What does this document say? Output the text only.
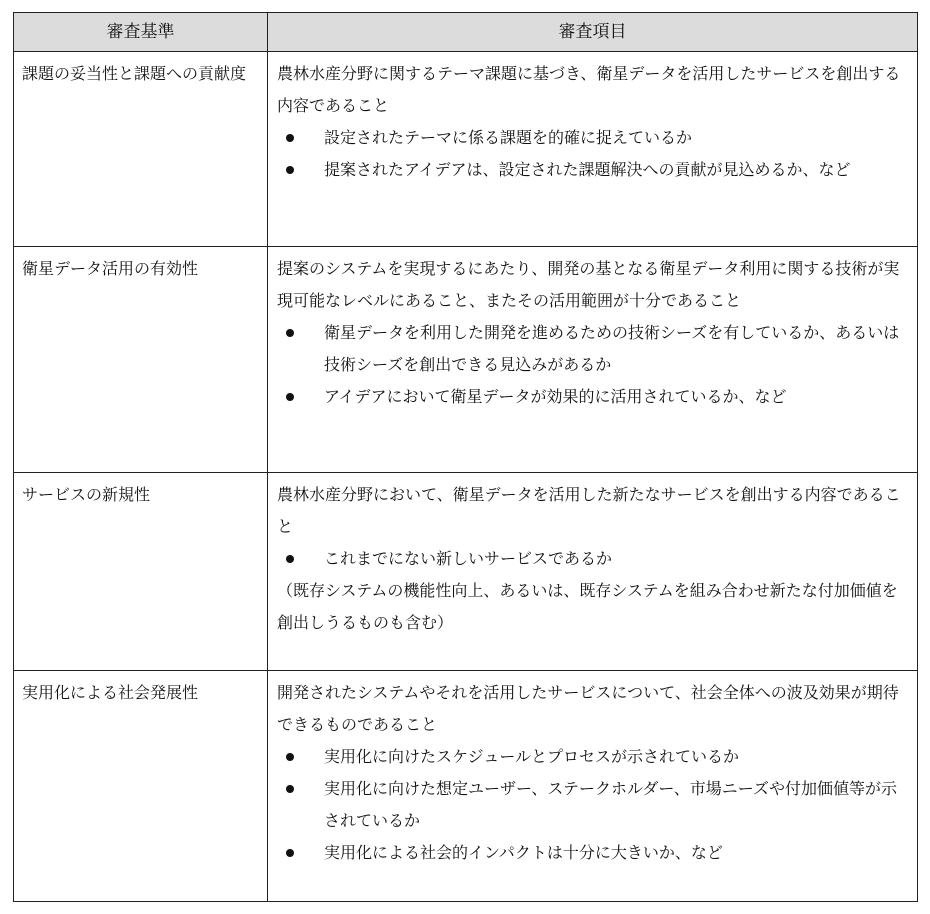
審査基準	審査項目
課題の妥当性と課題への貢献度	農林水産分野に関するテーマ課題に基づき、衛星データを活用したサービスを創出する内容であること

設定されたテーマに係る課題を的確に捉えているか

提案されたアイデアは、設定された課題解決への貢献が見込めるか、など

衛星データ活用の有効性	提案のシステムを実現するにあたり、開発の基となる衛星データ利用に関する技術が実現可能なレベルにあること、またその活用範囲が十分であること

衛星データを利用した開発を進めるための技術シーズを有しているか、あるいは技術シーズを創出できる見込みがあるか

アイデアにおいて衛星データが効果的に活用されているか、など

サービスの新規性	農林水産分野において、衛星データを活用した新たなサービスを創出する内容であること

これまでにない新しいサービスであるか

（既存システムの機能性向上、あるいは、既存システムを組み合わせ新たな付加価値を創出しうるものも含む）

実用化による社会発展性	開発されたシステムやそれを活用したサービスについて、社会全体への波及効果が期待できるものであること

実用化に向けたスケジュールとプロセスが示されているか

実用化に向けた想定ユーザー、ステークホルダー、市場ニーズや付加価値等が示されているか

実用化による社会的インパクトは十分に大きいか、など
